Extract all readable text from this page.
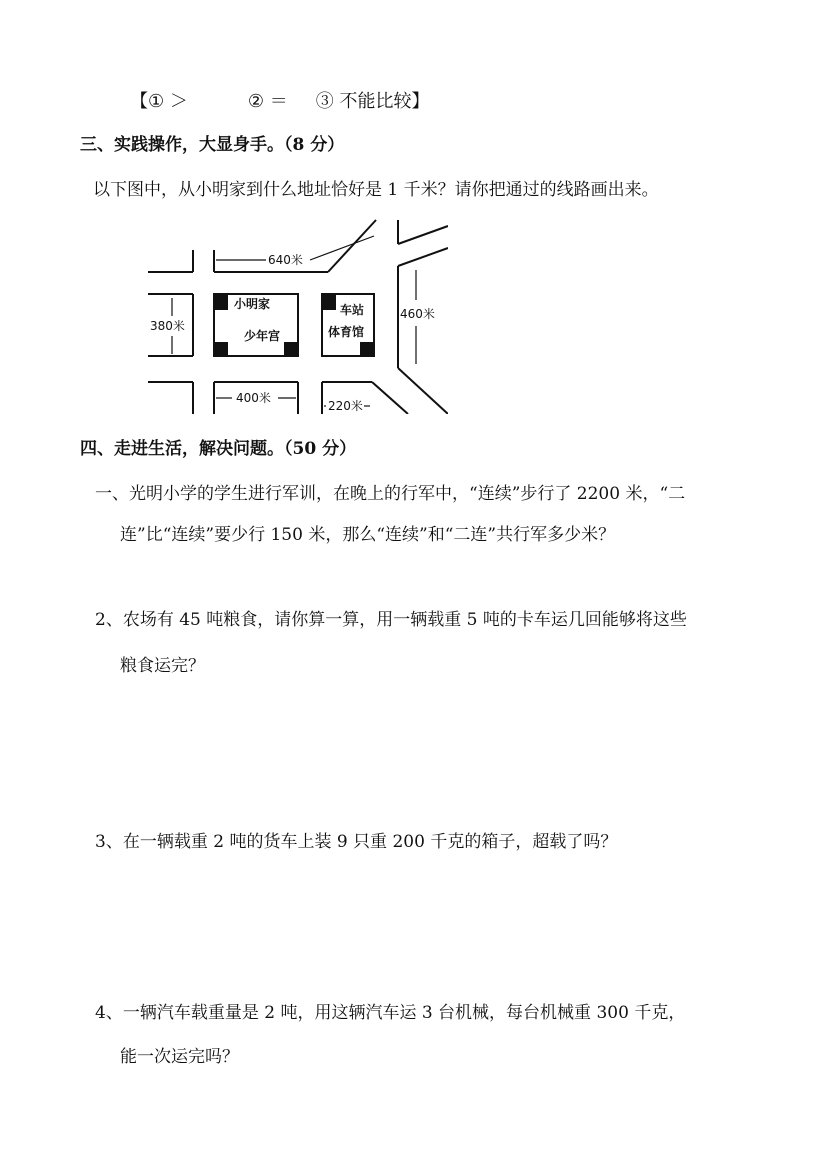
【① ＞	② ＝ ③ 不能比较】
三、实践操作，大显身手。（8 分）
以下图中，从小明家到什么地址恰好是 1 千米？请你把通过的线路画出来。
640米
380米
460米
400米
220米
小明家
少年宫
车站
体育馆
四、走进生活，解决问题。（50 分）
一、光明小学的学生进行军训，在晚上的行军中，“连续”步行了 2200 米，“二
连”比“连续”要少行 150 米，那么“连续”和“二连”共行军多少米？
2、农场有 45 吨粮食，请你算一算，用一辆载重 5 吨的卡车运几回能够将这些
粮食运完？
3、在一辆载重 2 吨的货车上装 9 只重 200 千克的箱子，超载了吗？
4、一辆汽车载重量是 2 吨，用这辆汽车运 3 台机械，每台机械重 300 千克，
能一次运完吗？
